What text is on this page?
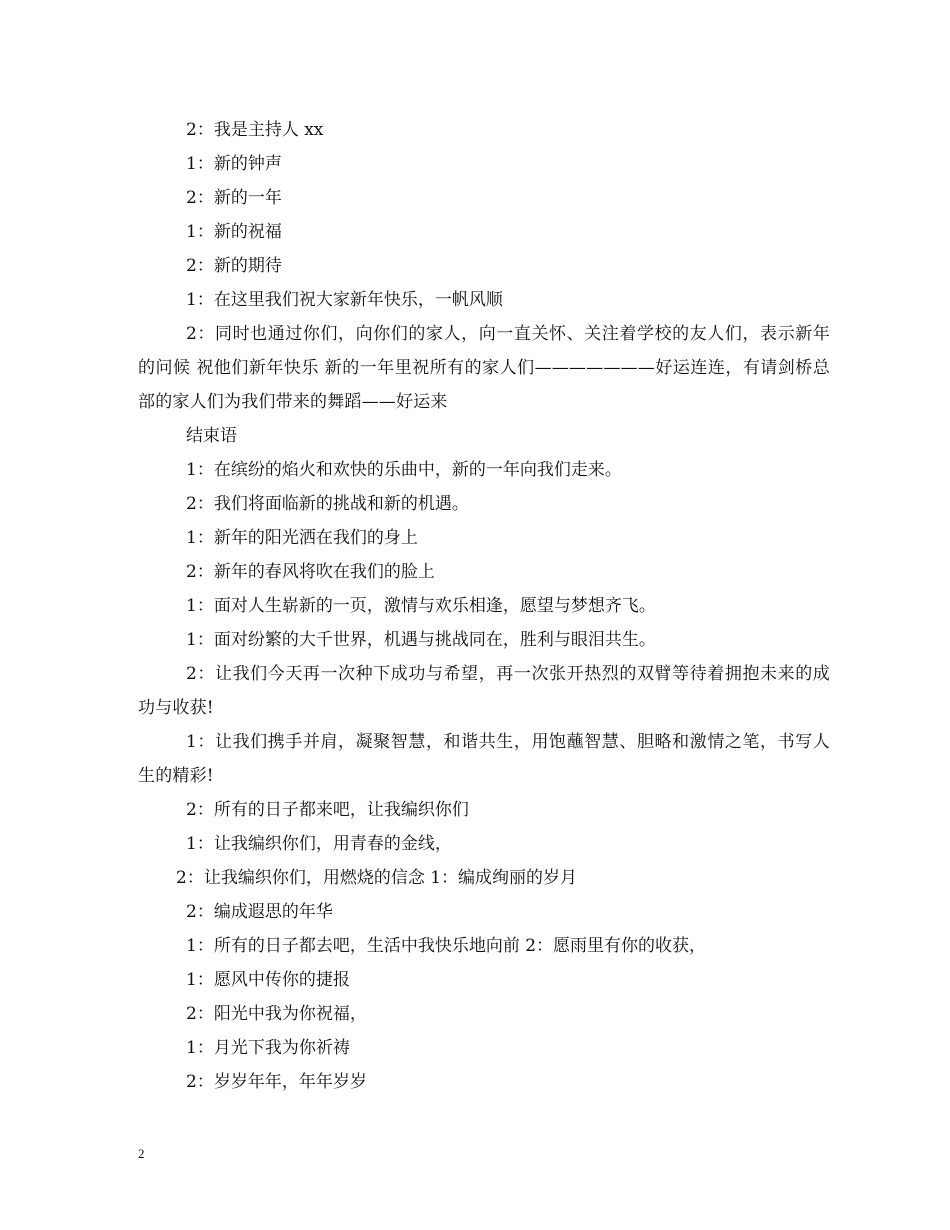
2：我是主持人 xx

1：新的钟声

2：新的一年

1：新的祝福

2：新的期待

1：在这里我们祝大家新年快乐，一帆风顺

2：同时也通过你们，向你们的家人，向一直关怀、关注着学校的友人们，表示新年的问候 祝他们新年快乐 新的一年里祝所有的家人们———————好运连连，有请剑桥总部的家人们为我们带来的舞蹈——好运来

结束语

1：在缤纷的焰火和欢快的乐曲中，新的一年向我们走来。

2：我们将面临新的挑战和新的机遇。

1：新年的阳光洒在我们的身上

2：新年的春风将吹在我们的脸上

1：面对人生崭新的一页，激情与欢乐相逢，愿望与梦想齐飞。

1：面对纷繁的大千世界，机遇与挑战同在，胜利与眼泪共生。

2：让我们今天再一次种下成功与希望，再一次张开热烈的双臂等待着拥抱未来的成功与收获!

1：让我们携手并肩，凝聚智慧，和谐共生，用饱蘸智慧、胆略和激情之笔，书写人生的精彩!

2：所有的日子都来吧，让我编织你们

1：让我编织你们，用青春的金线，

2：让我编织你们，用燃烧的信念 1：编成绚丽的岁月

2：编成遐思的年华

1：所有的日子都去吧，生活中我快乐地向前 2：愿雨里有你的收获，

1：愿风中传你的捷报

2：阳光中我为你祝福，

1：月光下我为你祈祷

2：岁岁年年，年年岁岁

2
